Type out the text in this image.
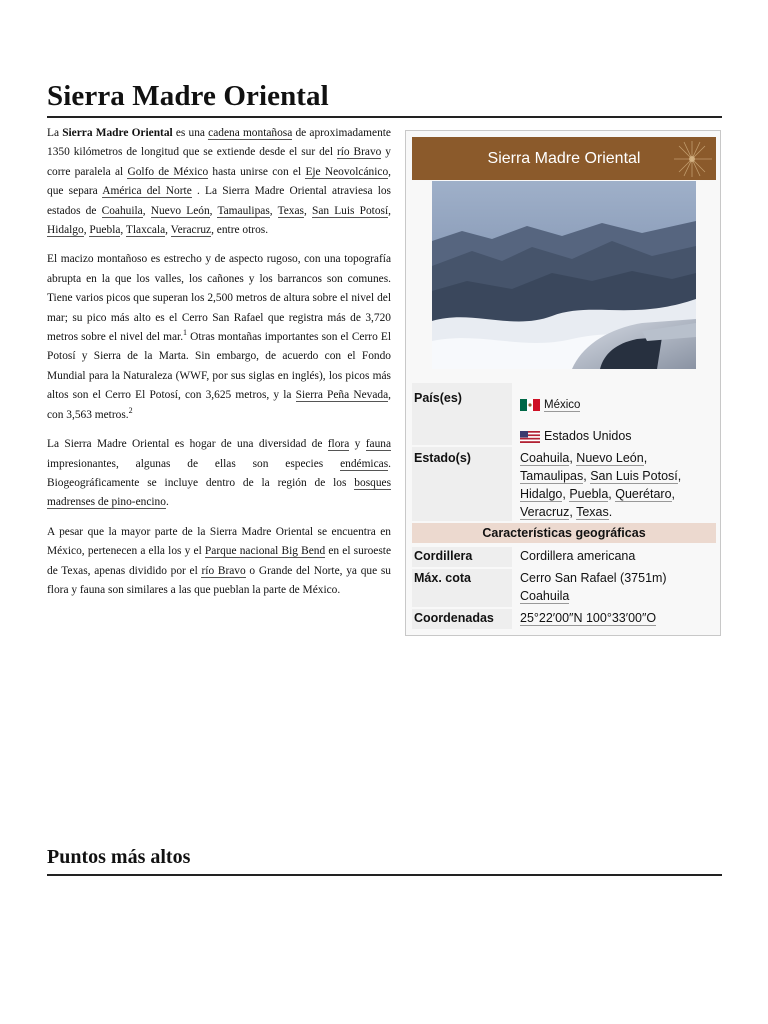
Sierra Madre Oriental

La Sierra Madre Oriental es una cadena montañosa de aproximadamente 1350 kilómetros de longitud que se extiende desde el sur del río Bravo y corre paralela al Golfo de México hasta unirse con el Eje Neovolcánico, que separa América del Norte . La Sierra Madre Oriental atraviesa los estados de Coahuila, Nuevo León, Tamaulipas, Texas, San Luis Potosí, Hidalgo, Puebla, Tlaxcala, Veracruz, entre otros.

El macizo montañoso es estrecho y de aspecto rugoso, con una topografía abrupta en la que los valles, los cañones y los barrancos son comunes. Tiene varios picos que superan los 2,500 metros de altura sobre el nivel del mar; su pico más alto es el Cerro San Rafael que registra más de 3,720 metros sobre el nivel del mar.$^1$ Otras montañas importantes son el Cerro El Potosí y Sierra de la Marta. Sin embargo, de acuerdo con el Fondo Mundial para la Naturaleza (WWF, por sus siglas en inglés), los picos más altos son el Cerro El Potosí, con 3,625 metros, y la Sierra Peña Nevada, con 3,563 metros.$^2$

La Sierra Madre Oriental es hogar de una diversidad de flora y fauna impresionantes, algunas de ellas son especies endémicas. Biogeográficamente se incluye dentro de la región de los bosques madrenses de pino-encino.

A pesar que la mayor parte de la Sierra Madre Oriental se encuentra en México, pertenecen a ella los y el Parque nacional Big Bend en el suroeste de Texas, apenas dividido por el río Bravo o Grande del Norte, ya que su flora y fauna son similares a las que pueblan la parte de México.

Sierra Madre Oriental
País(es)	México
Estados Unidos
Estado(s)	Coahuila, Nuevo León,
Tamaulipas, San Luis Potosí,
Hidalgo, Puebla, Querétaro,
Veracruz, Texas.
Características geográficas
Cordillera	Cordillera americana
Máx. cota	Cerro San Rafael (3751m)
Coahuila
Coordenadas	25°22′00″N 100°33′00″O
Puntos más altos
